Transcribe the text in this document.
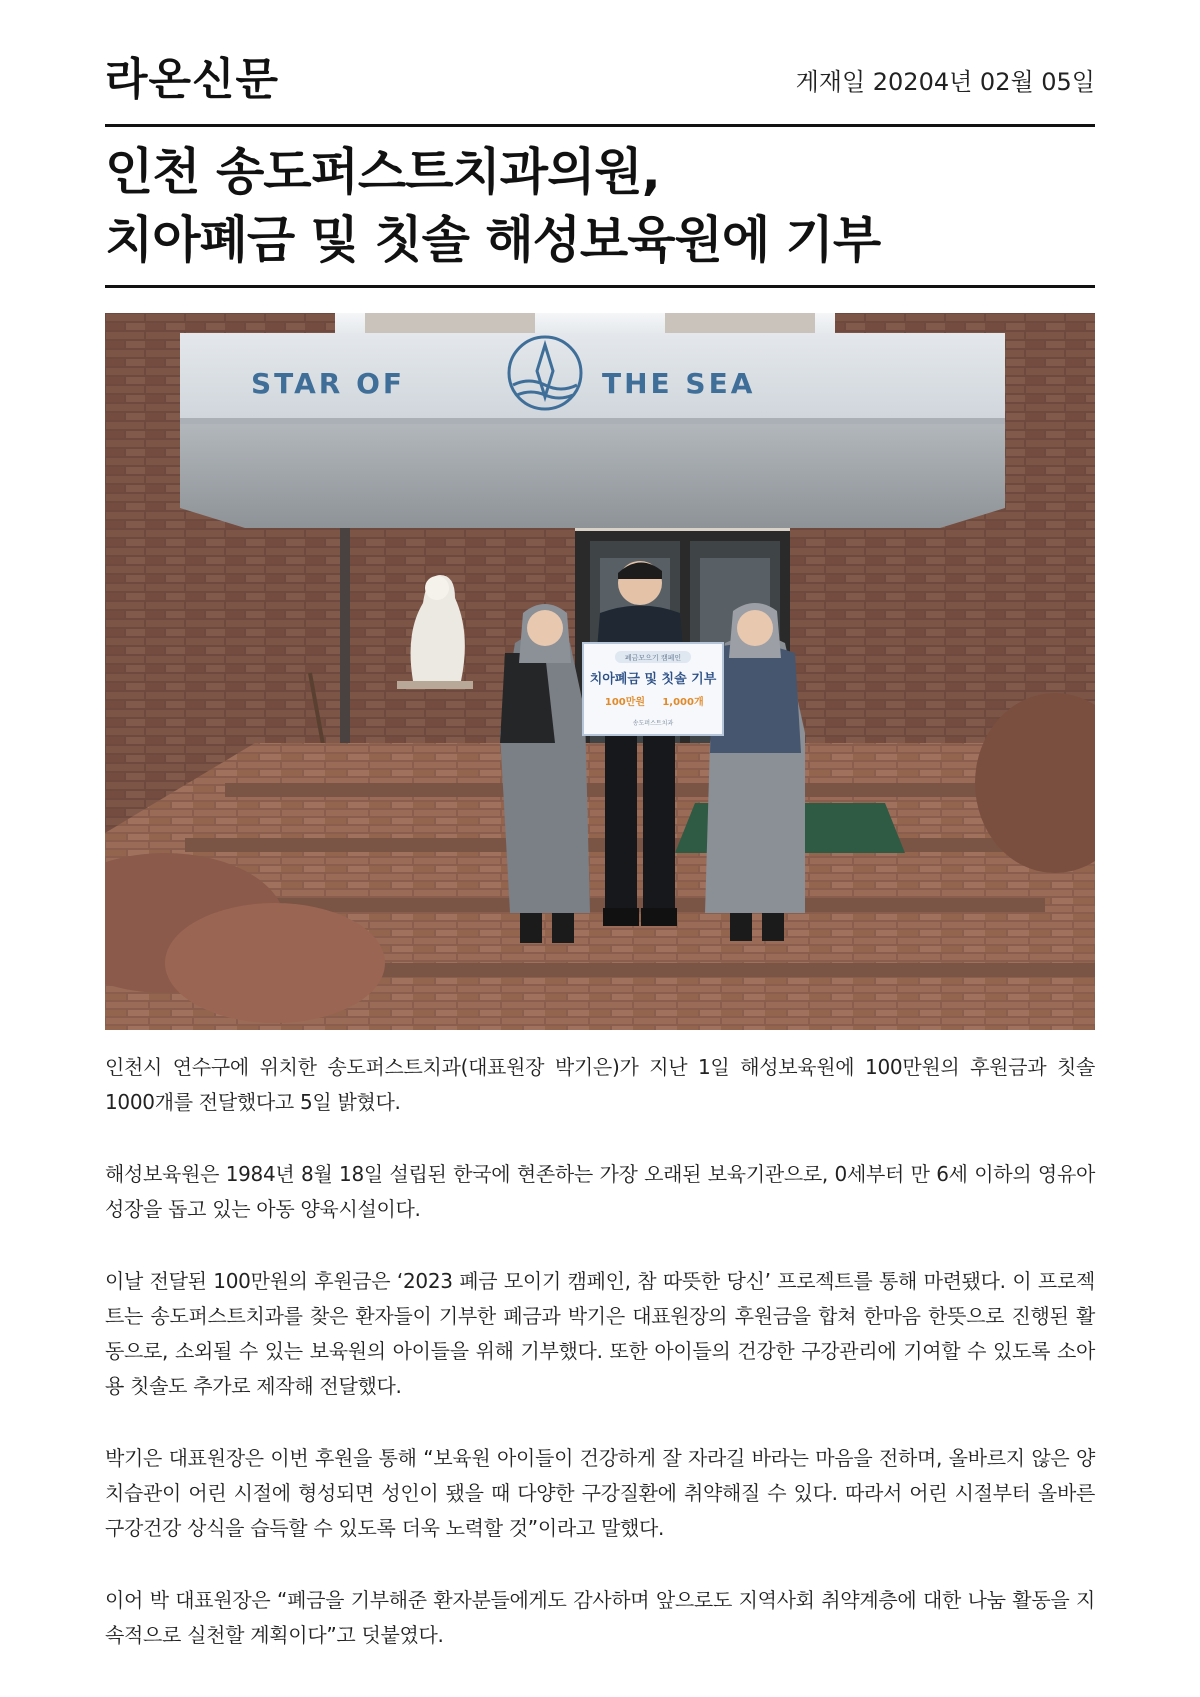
라온신문	게재일 20204년 02월 05일
인천 송도퍼스트치과의원,
치아폐금 및 칫솔 해성보육원에 기부
STAR OF	THE SEA
폐금모으기 캠페인
치아폐금 및 칫솔 기부
100만원 1,000개
송도퍼스트치과

인천시 연수구에 위치한 송도퍼스트치과(대표원장 박기은)가 지난 1일 해성보육원에 100만원의 후원금과 칫솔 1000개를 전달했다고 5일 밝혔다.

해성보육원은 1984년 8월 18일 설립된 한국에 현존하는 가장 오래된 보육기관으로, 0세부터 만 6세 이하의 영유아 성장을 돕고 있는 아동 양육시설이다.

이날 전달된 100만원의 후원금은 ‘2023 폐금 모이기 캠페인, 참 따뜻한 당신’ 프로젝트를 통해 마련됐다. 이 프로젝트는 송도퍼스트치과를 찾은 환자들이 기부한 폐금과 박기은 대표원장의 후원금을 합쳐 한마음 한뜻으로 진행된 활동으로, 소외될 수 있는 보육원의 아이들을 위해 기부했다. 또한 아이들의 건강한 구강관리에 기여할 수 있도록 소아용 칫솔도 추가로 제작해 전달했다.

박기은 대표원장은 이번 후원을 통해 “보육원 아이들이 건강하게 잘 자라길 바라는 마음을 전하며, 올바르지 않은 양치습관이 어린 시절에 형성되면 성인이 됐을 때 다양한 구강질환에 취약해질 수 있다. 따라서 어린 시절부터 올바른 구강건강 상식을 습득할 수 있도록 더욱 노력할 것”이라고 말했다.

이어 박 대표원장은 “폐금을 기부해준 환자분들에게도 감사하며 앞으로도 지역사회 취약계층에 대한 나눔 활동을 지속적으로 실천할 계획이다”고 덧붙였다.
